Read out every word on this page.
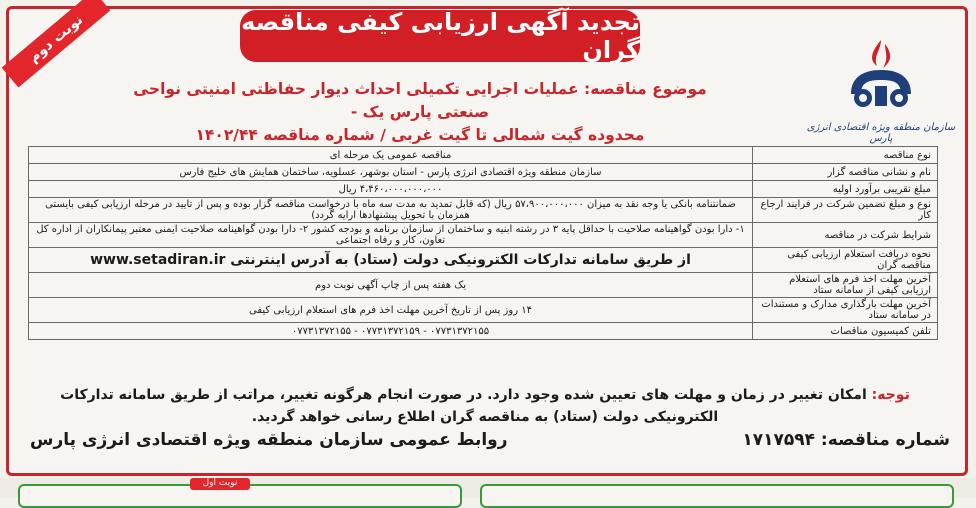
نوبت دوم	تجدید آگهی ارزیابی کیفی مناقصه گران
سازمان منطقه ویژه اقتصادی انرژی پارس
موضوع مناقصه: عملیات اجرایی تکمیلی احداث دیوار حفاظتی امنیتی نواحی صنعتی پارس یک -
محدوده گیت شمالی تا گیت غربی / شماره مناقصه ۱۴۰۲/۴۴
نوع مناقصه	مناقصه عمومی یک مرحله ای
نام و نشانی مناقصه گزار	سازمان منطقه ویژه اقتصادی انرژی پارس - استان بوشهر، عسلویه، ساختمان همایش های خلیج فارس
مبلغ تقریبی برآورد اولیه	۴،۴۶۰،۰۰۰،۰۰۰،۰۰۰ ریال
نوع و مبلغ تضمین شرکت در فرایند ارجاع کار	ضمانتنامه بانکی یا وجه نقد به میزان ۵۷،۹۰۰،۰۰۰،۰۰۰ ریال (که قابل تمدید به مدت سه ماه با درخواست مناقصه گزار بوده و پس از تایید در مرحله ارزیابی کیفی بایستی همزمان با تحویل پیشنهادها ارایه گردد)
شرایط شرکت در مناقصه	۱- دارا بودن گواهینامه صلاحیت با حداقل پایه ۳ در رشته ابنیه و ساختمان از سازمان برنامه و بودجه کشور ۲- دارا بودن گواهینامه صلاحیت ایمنی معتبر پیمانکاران از اداره کل تعاون، کار و رفاه اجتماعی
نحوه دریافت استعلام ارزیابی کیفی مناقصه گران	از طریق سامانه تدارکات الکترونیکی دولت (ستاد) به آدرس اینترنتی www.setadiran.ir
آخرین مهلت اخذ فرم های استعلام ارزیابی کیفی از سامانه ستاد	یک هفته پس از چاپ آگهی نوبت دوم
آخرین مهلت بارگذاری مدارک و مستندات در سامانه ستاد	۱۴ روز پس از تاریخ آخرین مهلت اخذ فرم های استعلام ارزیابی کیفی
تلفن کمیسیون مناقصات	۰۷۷۳۱۳۷۲۱۵۵ - ۰۷۷۳۱۳۷۲۱۵۹ - ۰۷۷۳۱۳۷۲۱۵۵
توجه: امکان تغییر در زمان و مهلت های تعیین شده وجود دارد. در صورت انجام هرگونه تغییر، مراتب از طریق سامانه تدارکات الکترونیکی دولت (ستاد) به مناقصه گران اطلاع رسانی خواهد گردید.
روابط عمومی سازمان منطقه ویژه اقتصادی انرژی پارس	شماره مناقصه: ۱۷۱۷۵۹۴
نوبت اول
